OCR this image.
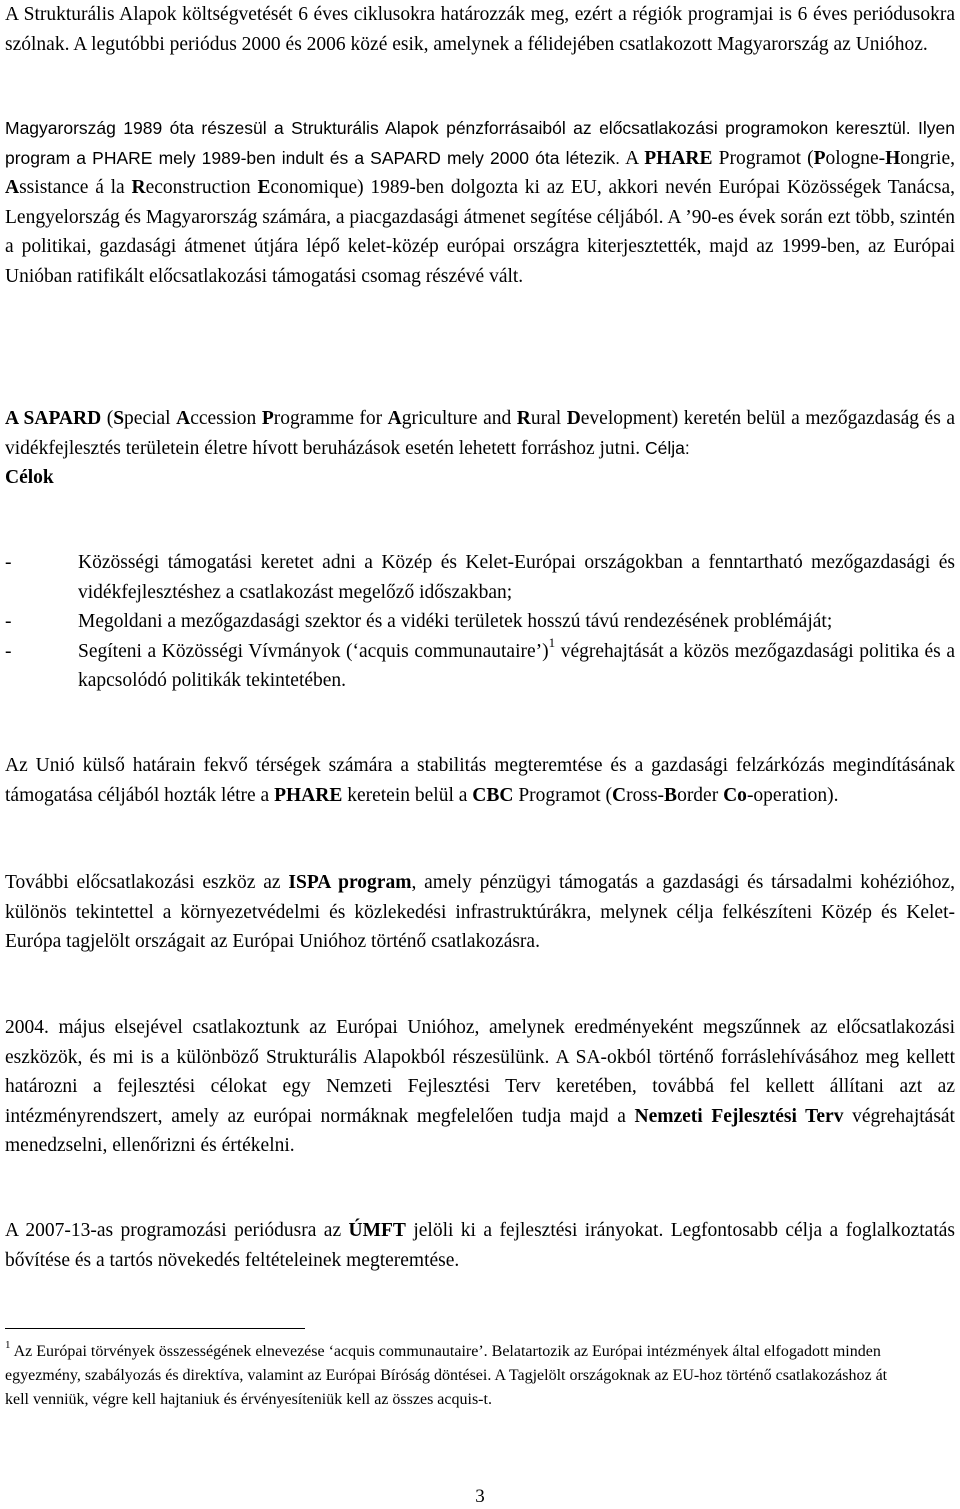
A Strukturális Alapok költségvetését 6 éves ciklusokra határozzák meg, ezért a régiók programjai is 6 éves periódusokra szólnak. A legutóbbi periódus 2000 és 2006 közé esik, amelynek a félidejében csatlakozott Magyarország az Unióhoz.

Magyarország 1989 óta részesül a Strukturális Alapok pénzforrásaiból az előcsatlakozási programokon keresztül. Ilyen program a PHARE mely 1989-ben indult és a SAPARD mely 2000 óta létezik. A PHARE Programot (Pologne-Hongrie, Assistance á la Reconstruction Economique) 1989-ben dolgozta ki az EU, akkori nevén Európai Közösségek Tanácsa, Lengyelország és Magyarország számára, a piacgazdasági átmenet segítése céljából. A ’90-es évek során ezt több, szintén a politikai, gazdasági átmenet útjára lépő kelet-közép európai országra kiterjesztették, majd az 1999-ben, az Európai Unióban ratifikált előcsatlakozási támogatási csomag részévé vált.

A SAPARD (Special Accession Programme for Agriculture and Rural Development) keretén belül a mezőgazdaság és a vidékfejlesztés területein életre hívott beruházások esetén lehetett forráshoz jutni. Célja:
Célok

-	Közösségi támogatási keretet adni a Közép és Kelet-Európai országokban a fenntartható mezőgazdasági és vidékfejlesztéshez a csatlakozást megelőző időszakban;
-	Megoldani a mezőgazdasági szektor és a vidéki területek hosszú távú rendezésének problémáját;
-	Segíteni a Közösségi Vívmányok (‘acquis communautaire’)$^1$ végrehajtását a közös mezőgazdasági politika és a kapcsolódó politikák tekintetében.

Az Unió külső határain fekvő térségek számára a stabilitás megteremtése és a gazdasági felzárkózás megindításának támogatása céljából hozták létre a PHARE keretein belül a CBC Programot (Cross-Border Co-operation).

További előcsatlakozási eszköz az ISPA program, amely pénzügyi támogatás a gazdasági és társadalmi kohézióhoz, különös tekintettel a környezetvédelmi és közlekedési infrastruktúrákra, melynek célja felkészíteni Közép és Kelet-Európa tagjelölt országait az Európai Unióhoz történő csatlakozásra.

2004. május elsejével csatlakoztunk az Európai Unióhoz, amelynek eredményeként megszűnnek az előcsatlakozási eszközök, és mi is a különböző Strukturális Alapokból részesülünk. A SA-okból történő forráslehívásához meg kellett határozni a fejlesztési célokat egy Nemzeti Fejlesztési Terv keretében, továbbá fel kellett állítani azt az intézményrendszert, amely az európai normáknak megfelelően tudja majd a Nemzeti Fejlesztési Terv végrehajtását menedzselni, ellenőrizni és értékelni.

A 2007-13-as programozási periódusra az ÚMFT jelöli ki a fejlesztési irányokat. Legfontosabb célja a foglalkoztatás bővítése és a tartós növekedés feltételeinek megteremtése.

$^1$ Az Európai törvények összességének elnevezése ‘acquis communautaire’. Belatartozik az Európai intézmények által elfogadott minden egyezmény, szabályozás és direktíva, valamint az Európai Bíróság döntései. A Tagjelölt országoknak az EU-hoz történő csatlakozáshoz át kell venniük, végre kell hajtaniuk és érvényesíteniük kell az összes acquis-t.

3
